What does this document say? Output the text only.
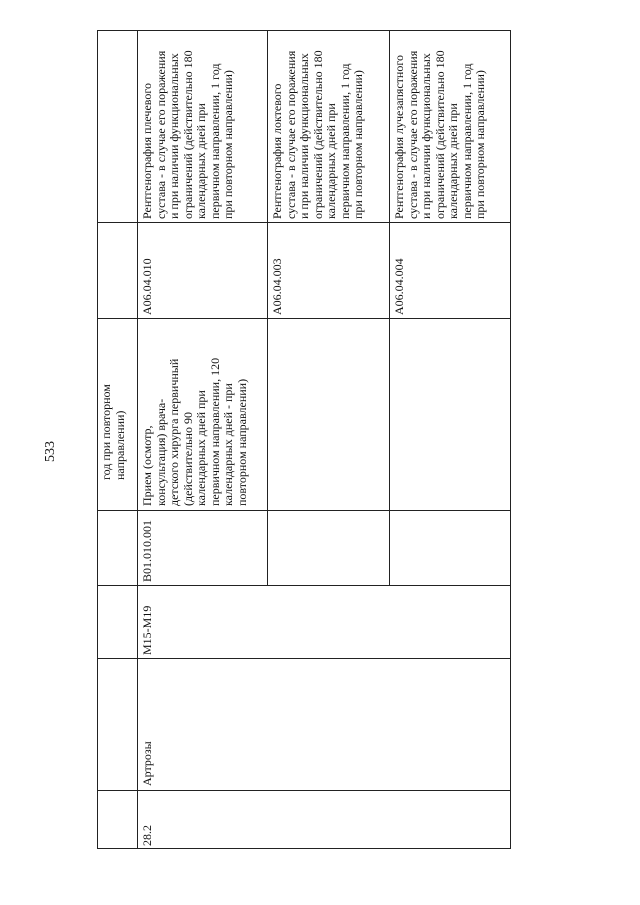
533
год при повторном
направлении)
28.2
Артрозы
M15-M19
B01.010.001
Прием (осмотр,
консультация) врача-
детского хирурга первичный
(действительно 90
календарных дней при
первичном направлении, 120
календарных дней - при
повторном направлении)
A06.04.010
Рентгенография плечевого
сустава - в случае его поражения
и при наличии функциональных
ограничений (действительно 180
календарных дней при
первичном направлении, 1 год
при повторном направлении)
A06.04.003
Рентгенография локтевого
сустава - в случае его поражения
и при наличии функциональных
ограничений (действительно 180
календарных дней при
первичном направлении, 1 год
при повторном направлении)
A06.04.004
Рентгенография лучезапястного
сустава - в случае его поражения
и при наличии функциональных
ограничений (действительно 180
календарных дней при
первичном направлении, 1 год
при повторном направлении)
